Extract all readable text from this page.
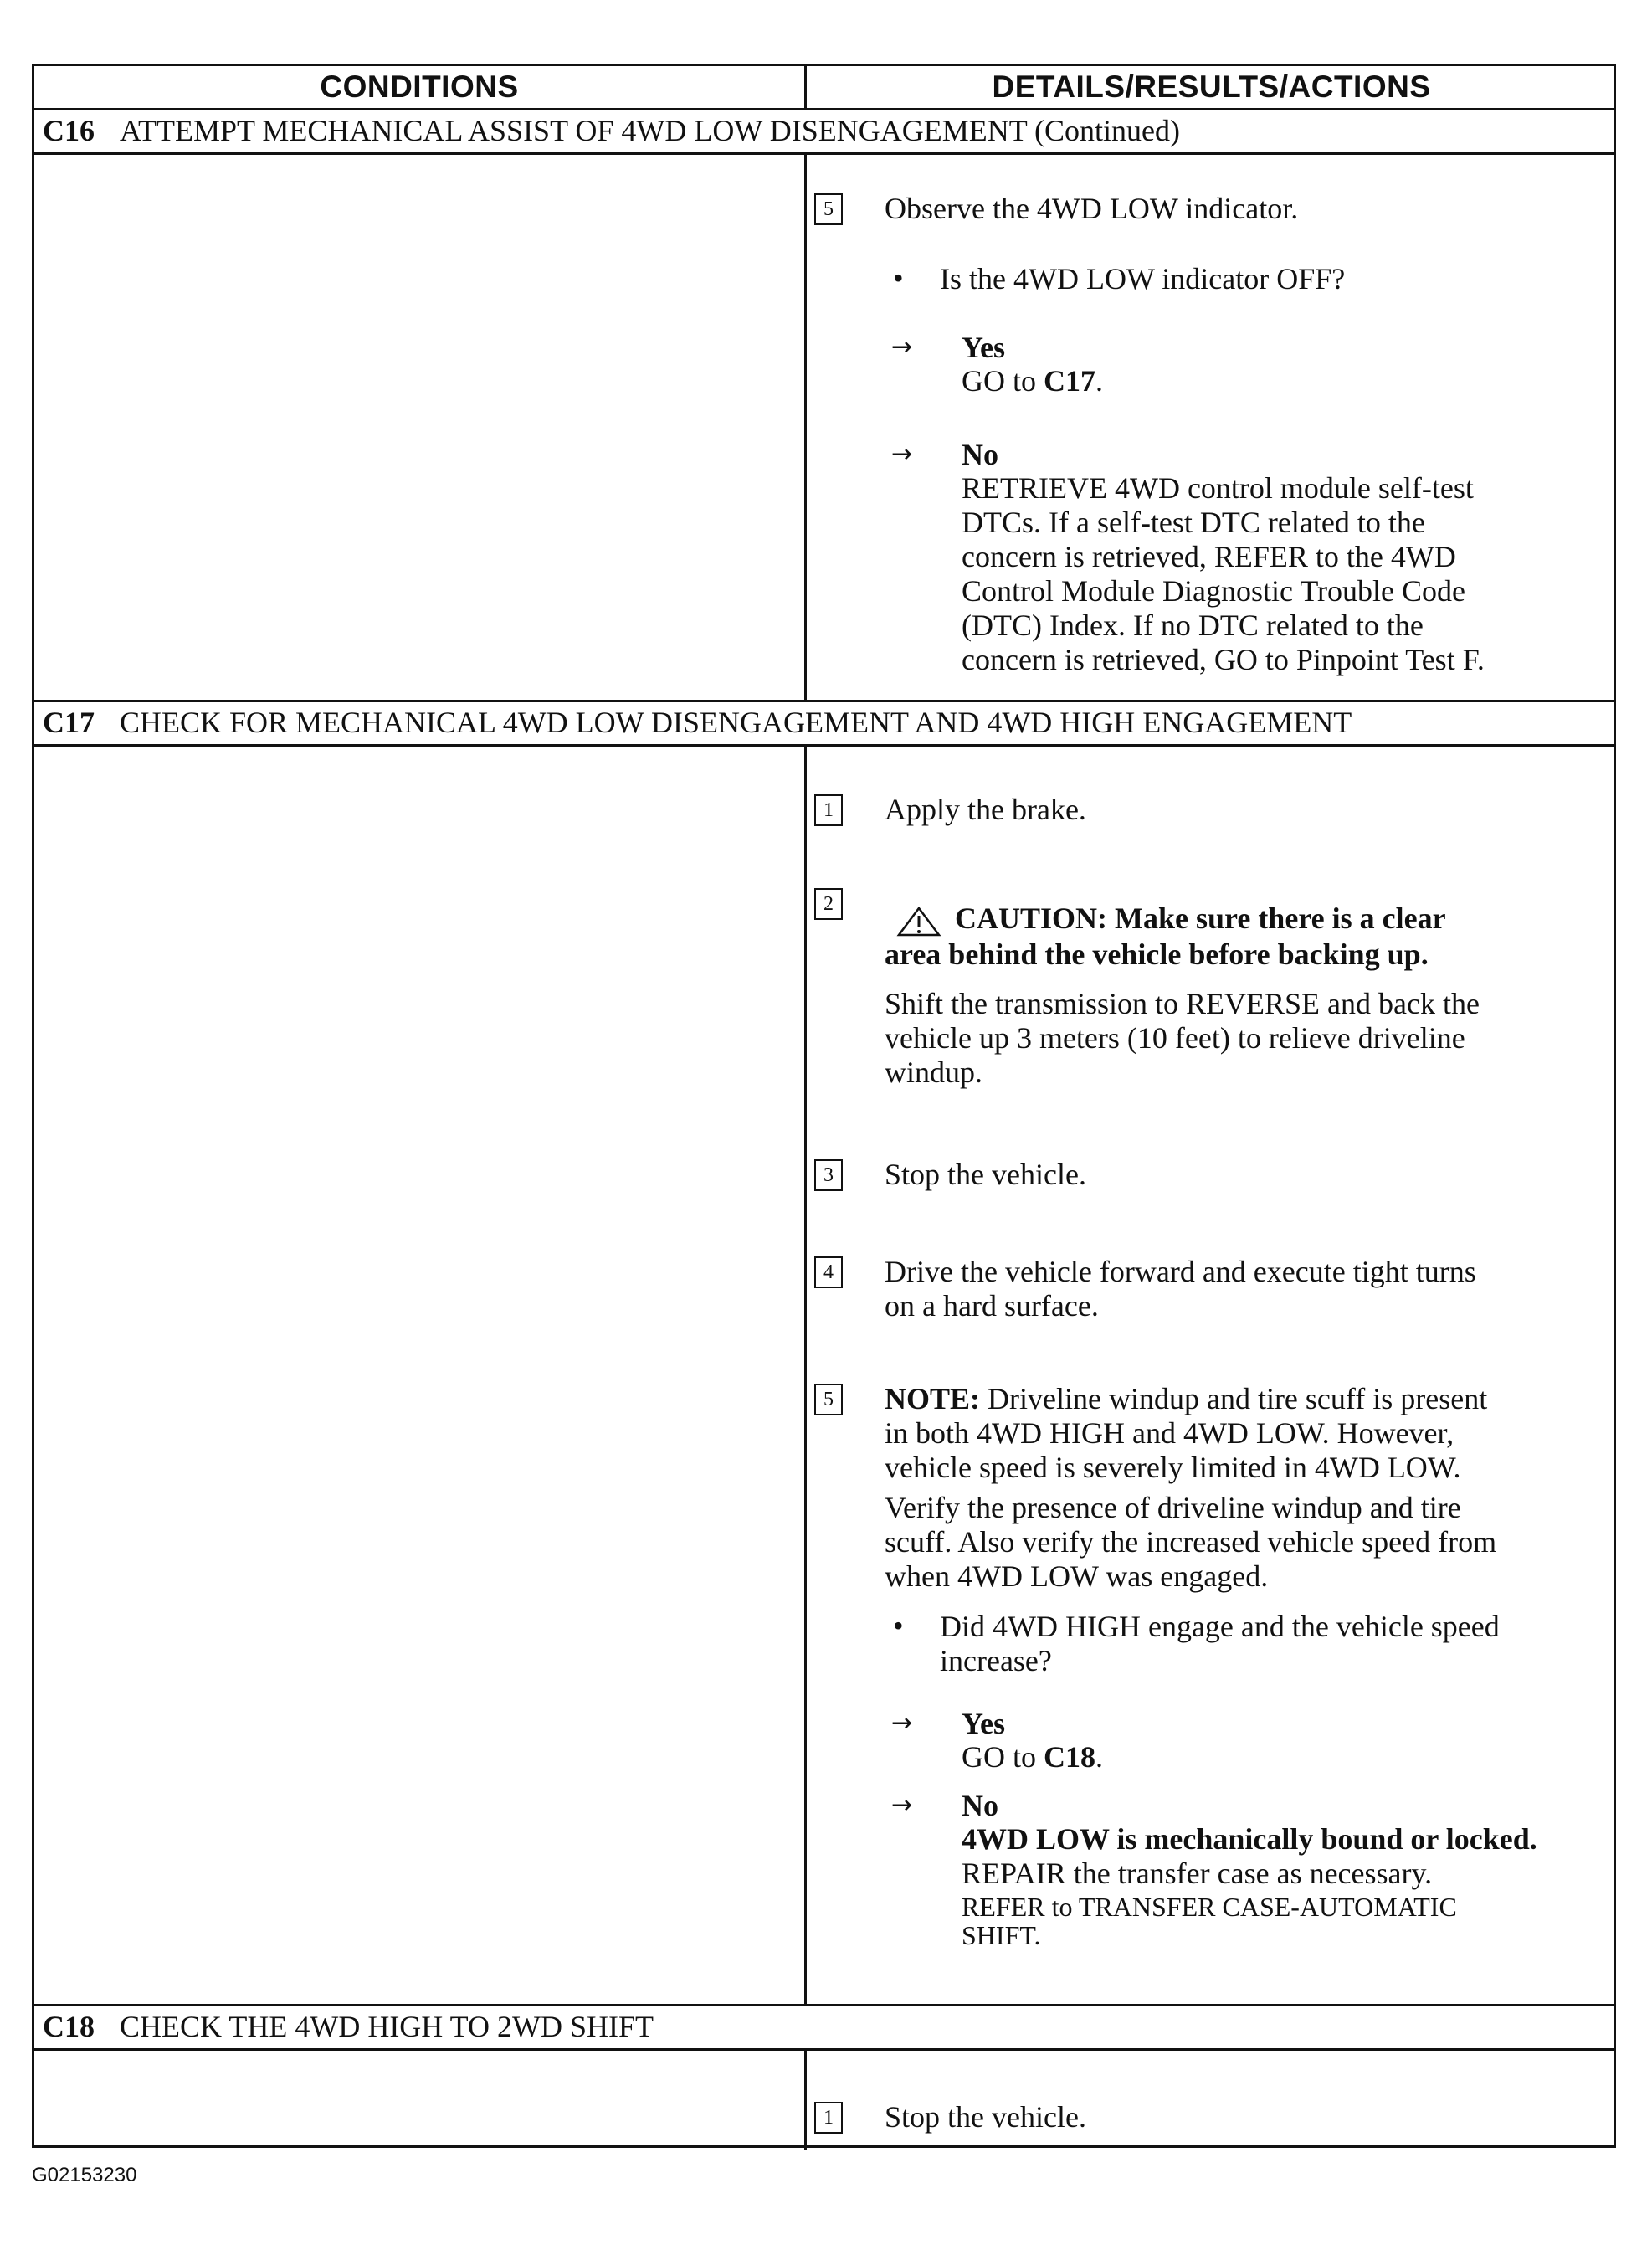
CONDITIONS	DETAILS/RESULTS/ACTIONS
C16 ATTEMPT MECHANICAL ASSIST OF 4WD LOW DISENGAGEMENT (Continued)
5	Observe the 4WD LOW indicator.
• Is the 4WD LOW indicator OFF?
→ Yes
GO to C17.
→ No
RETRIEVE 4WD control module self-test
DTCs. If a self-test DTC related to the
concern is retrieved, REFER to the 4WD
Control Module Diagnostic Trouble Code
(DTC) Index. If no DTC related to the
concern is retrieved, GO to Pinpoint Test F.
C17 CHECK FOR MECHANICAL 4WD LOW DISENGAGEMENT AND 4WD HIGH ENGAGEMENT
1	Apply the brake.
2	CAUTION: Make sure there is a clear
area behind the vehicle before backing up.
Shift the transmission to REVERSE and back the
vehicle up 3 meters (10 feet) to relieve driveline
windup.
3	Stop the vehicle.
4	Drive the vehicle forward and execute tight turns
on a hard surface.
5	NOTE: Driveline windup and tire scuff is present
in both 4WD HIGH and 4WD LOW. However,
vehicle speed is severely limited in 4WD LOW.
Verify the presence of driveline windup and tire
scuff. Also verify the increased vehicle speed from
when 4WD LOW was engaged.
• Did 4WD HIGH engage and the vehicle speed
increase?
→ Yes
GO to C18.
→ No
4WD LOW is mechanically bound or locked.
REPAIR the transfer case as necessary.
REFER to TRANSFER CASE-AUTOMATIC
SHIFT.
C18 CHECK THE 4WD HIGH TO 2WD SHIFT
1	Stop the vehicle.
G02153230
